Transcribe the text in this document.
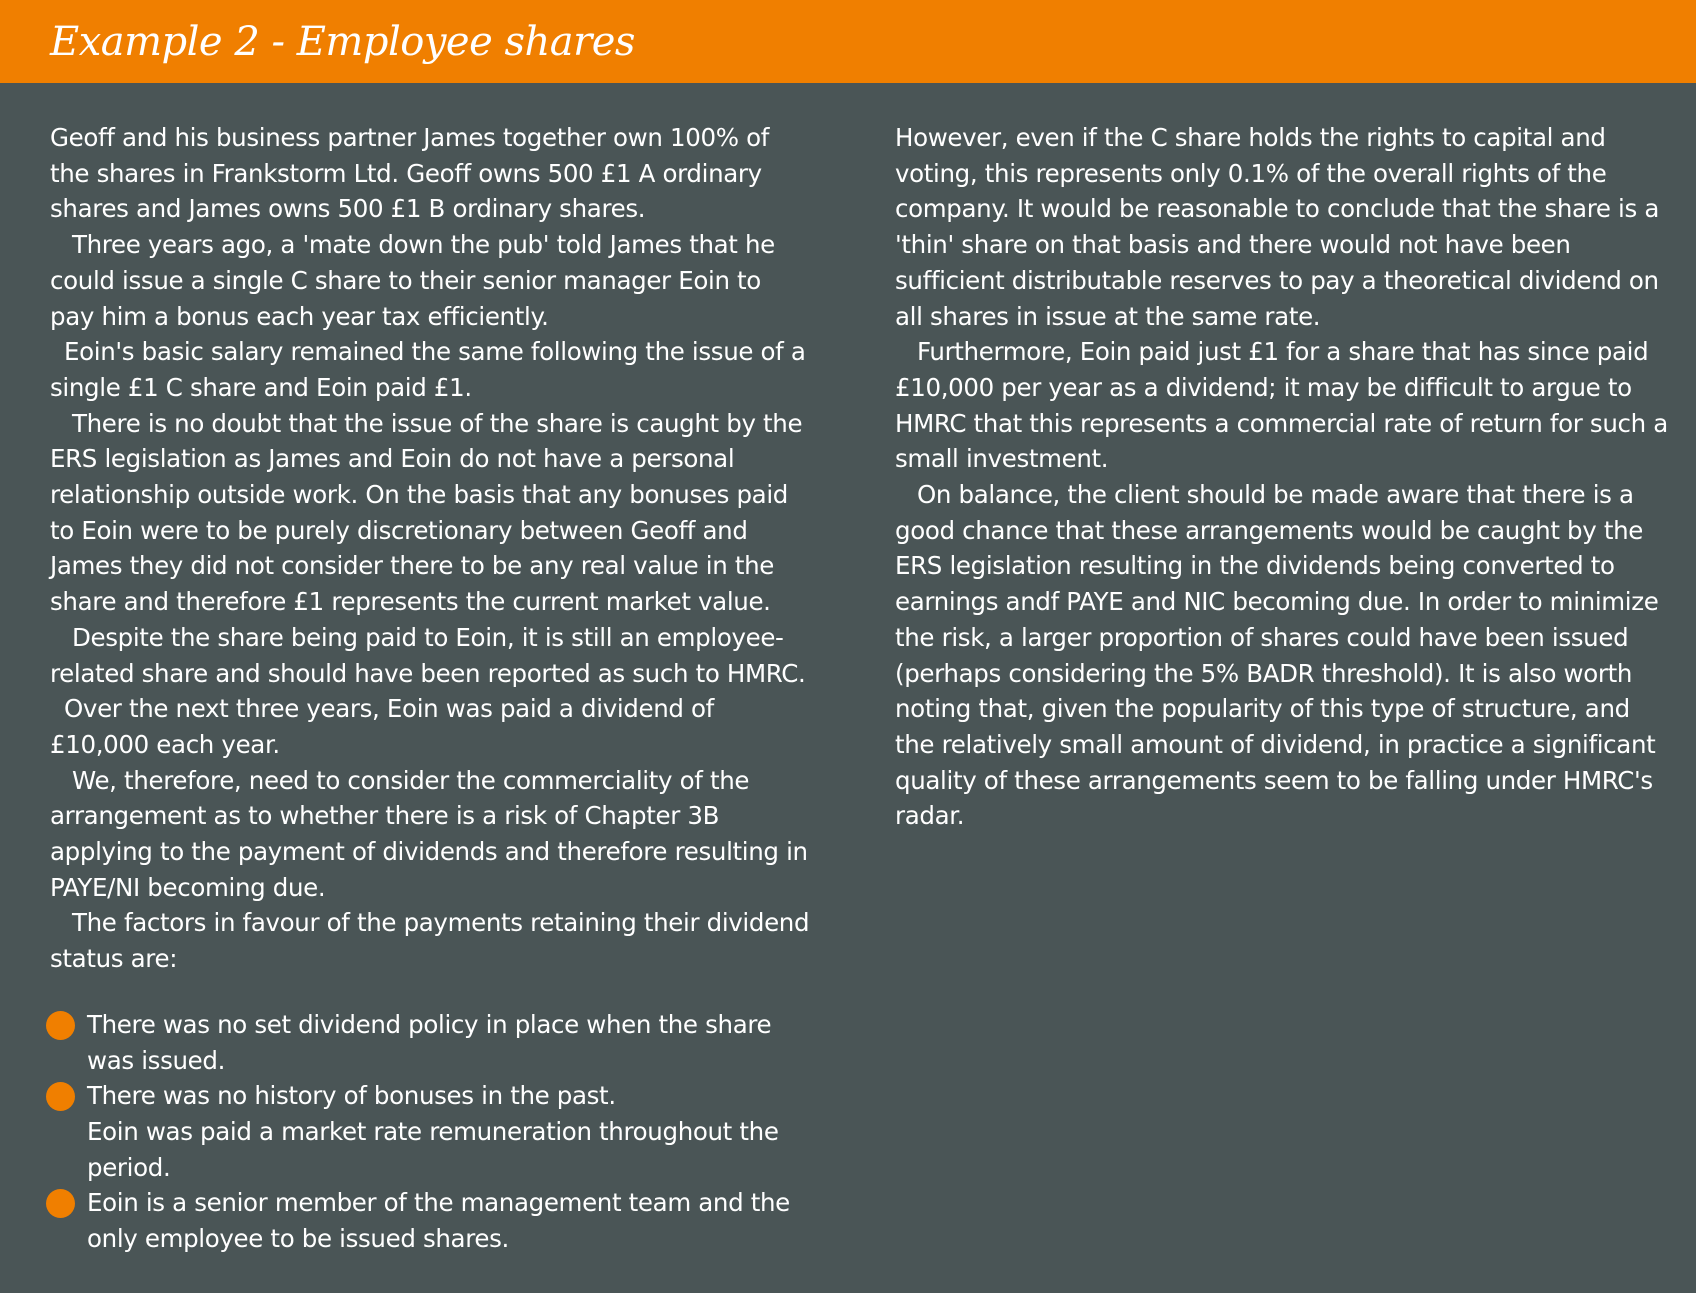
Example 2 - Employee shares

Geoff and his business partner James together own 100% of the shares in Frankstorm Ltd. Geoff owns 500 £1 A ordinary shares and James owns 500 £1 B ordinary shares.

Three years ago, a 'mate down the pub' told James that he could issue a single C share to their senior manager Eoin to pay him a bonus each year tax efficiently.

Eoin's basic salary remained the same following the issue of a single £1 C share and Eoin paid £1.

There is no doubt that the issue of the share is caught by the ERS legislation as James and Eoin do not have a personal relationship outside work. On the basis that any bonuses paid to Eoin were to be purely discretionary between Geoff and James they did not consider there to be any real value in the share and therefore £1 represents the current market value.

Despite the share being paid to Eoin, it is still an employee-related share and should have been reported as such to HMRC.

Over the next three years, Eoin was paid a dividend of £10,000 each year.

We, therefore, need to consider the commerciality of the arrangement as to whether there is a risk of Chapter 3B applying to the payment of dividends and therefore resulting in PAYE/NI becoming due.

The factors in favour of the payments retaining their dividend status are:

There was no set dividend policy in place when the share was issued.
There was no history of bonuses in the past.
Eoin was paid a market rate remuneration throughout the period.
Eoin is a senior member of the management team and the only employee to be issued shares.

However, even if the C share holds the rights to capital and voting, this represents only 0.1% of the overall rights of the company. It would be reasonable to conclude that the share is a 'thin' share on that basis and there would not have been sufficient distributable reserves to pay a theoretical dividend on all shares in issue at the same rate.

Furthermore, Eoin paid just £1 for a share that has since paid £10,000 per year as a dividend; it may be difficult to argue to HMRC that this represents a commercial rate of return for such a small investment.

On balance, the client should be made aware that there is a good chance that these arrangements would be caught by the ERS legislation resulting in the dividends being converted to earnings andf PAYE and NIC becoming due. In order to minimize the risk, a larger proportion of shares could have been issued (perhaps considering the 5% BADR threshold). It is also worth noting that, given the popularity of this type of structure, and the relatively small amount of dividend, in practice a significant quality of these arrangements seem to be falling under HMRC's radar.
